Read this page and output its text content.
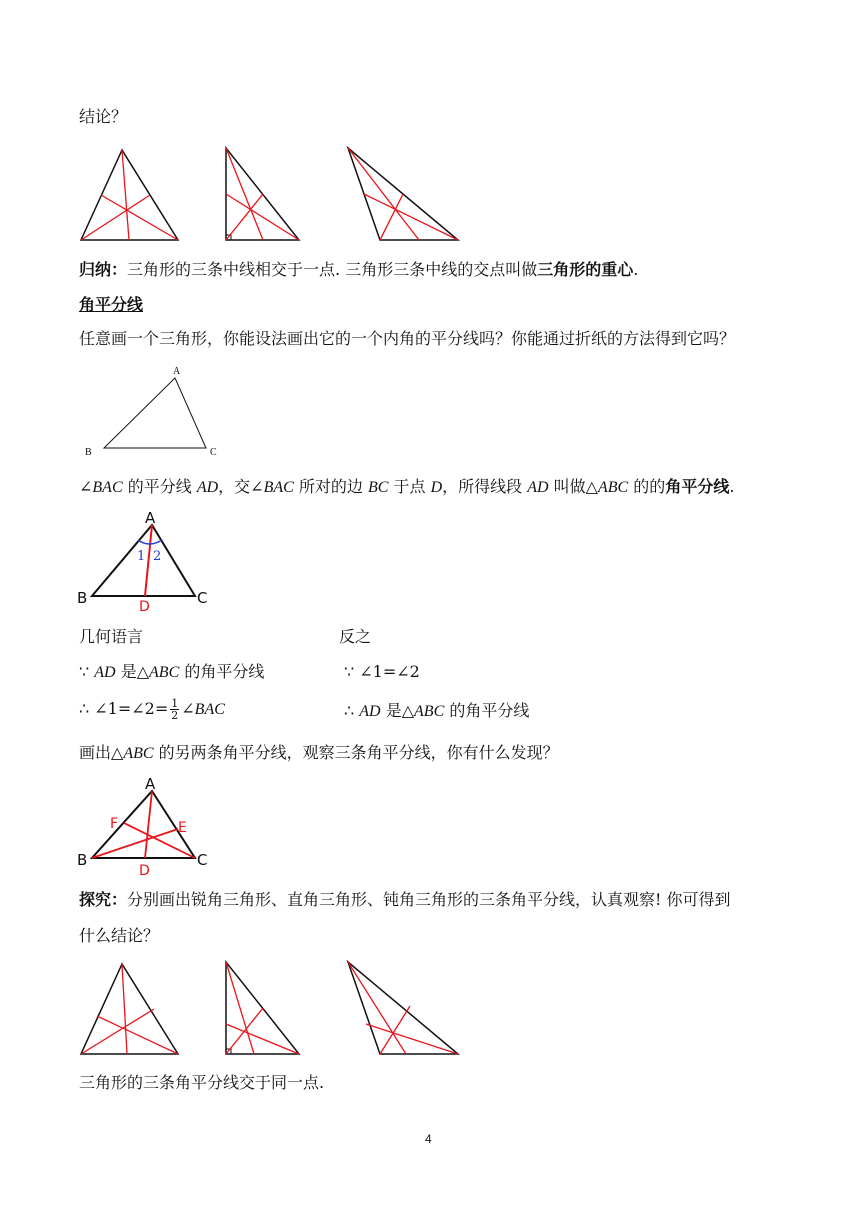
结论？
归纳：三角形的三条中线相交于一点. 三角形三条中线的交点叫做三角形的重心.
角平分线
任意画一个三角形，你能设法画出它的一个内角的平分线吗？你能通过折纸的方法得到它吗？
A
B	C
∠BAC 的平分线 AD，交∠BAC 所对的边 BC 于点 D，所得线段 AD 叫做△ABC 的的角平分线.
A
B	C
D
1 2
几何语言	反之
∵ AD 是△ABC 的角平分线	∵ ∠1=∠2
∴ ∠1=∠2= $\frac{1}{2}$ ∠BAC	∴ AD 是△ABC 的角平分线
画出△ABC 的另两条角平分线，观察三条角平分线，你有什么发现？
A
B	C
D
E
F
探究：分别画出锐角三角形、直角三角形、钝角三角形的三条角平分线，认真观察! 你可得到
什么结论？
三角形的三条角平分线交于同一点.
4
